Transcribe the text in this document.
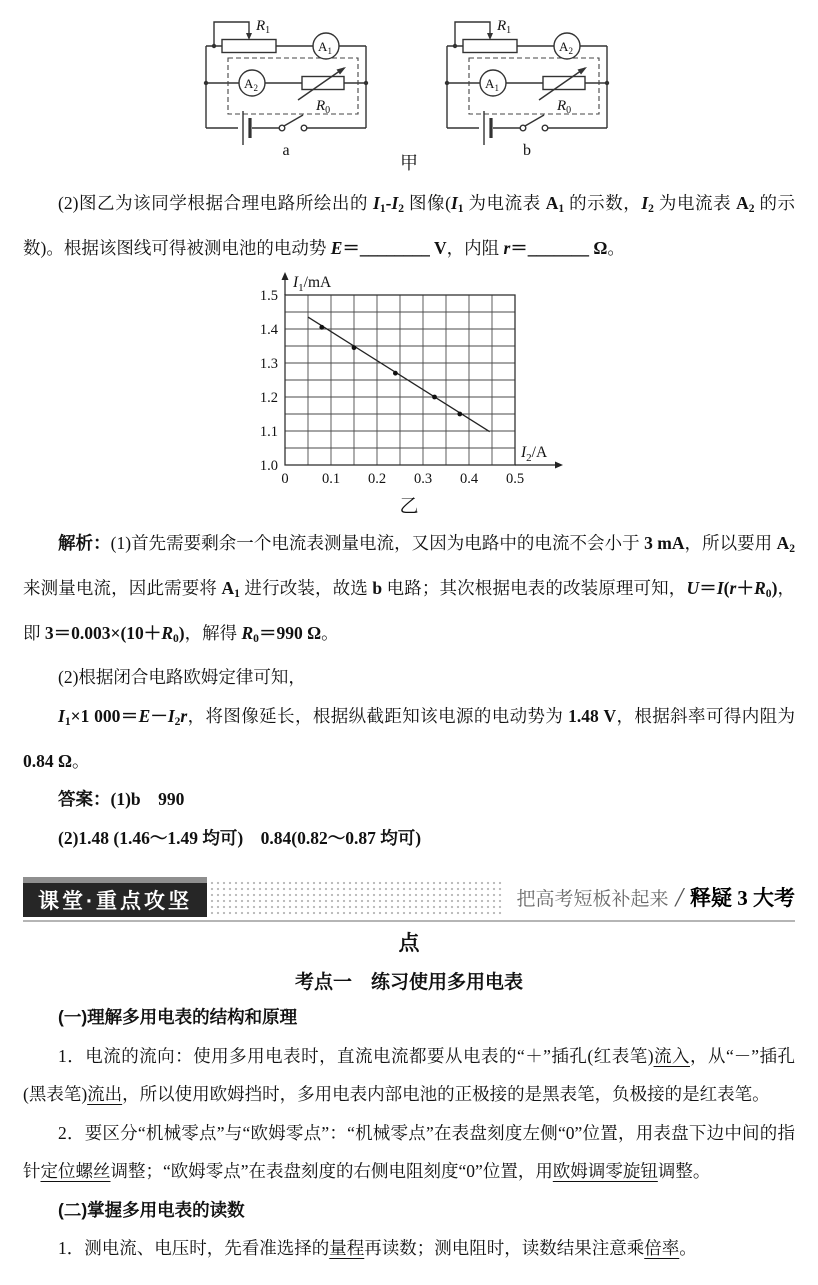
$R_1$
$A_1$
$A_2$
$R_0$
a
$R_1$
$A_2$
$A_1$
$R_0$
b
甲

(2)图乙为该同学根据合理电路所绘出的 I1-I2 图像(I1 为电流表 A1 的示数，I2 为电流表 A2 的示数)。根据该图线可得被测电池的电动势 E＝________ V，内阻 r＝_______ Ω。

$I_1/mA$
$I_2/A$
1.0
1.1
1.2
1.3
1.4
1.5
0 0.1 0.2 0.3 0.4 0.5
乙

解析：(1)首先需要剩余一个电流表测量电流，又因为电路中的电流不会小于 3 mA，所以要用 A2 来测量电流，因此需要将 A1 进行改装，故选 b 电路；其次根据电表的改装原理可知，U＝I(r＋R0)，即 3＝0.003×(10＋R0)，解得 R0＝990 Ω。

(2)根据闭合电路欧姆定律可知，

I1×1 000＝E－I2r，将图像延长，根据纵截距知该电源的电动势为 1.48 V，根据斜率可得内阻为 0.84 Ω。

答案：(1)b　990

(2)1.48 (1.46～1.49 均可)　0.84(0.82～0.87 均可)

课堂·重点攻坚	把高考短板补起来 / 释疑 3 大考
点
考点一　练习使用多用电表
(一)理解多用电表的结构和原理

1．电流的流向：使用多用电表时，直流电流都要从电表的“＋”插孔(红表笔)流入，从“－”插孔(黑表笔)流出，所以使用欧姆挡时，多用电表内部电池的正极接的是黑表笔，负极接的是红表笔。

2．要区分“机械零点”与“欧姆零点”：“机械零点”在表盘刻度左侧“0”位置，用表盘下边中间的指针定位螺丝调整；“欧姆零点”在表盘刻度的右侧电阻刻度“0”位置，用欧姆调零旋钮调整。

(二)掌握多用电表的读数

1．测电流、电压时，先看准选择的量程再读数；测电阻时，读数结果注意乘倍率。
